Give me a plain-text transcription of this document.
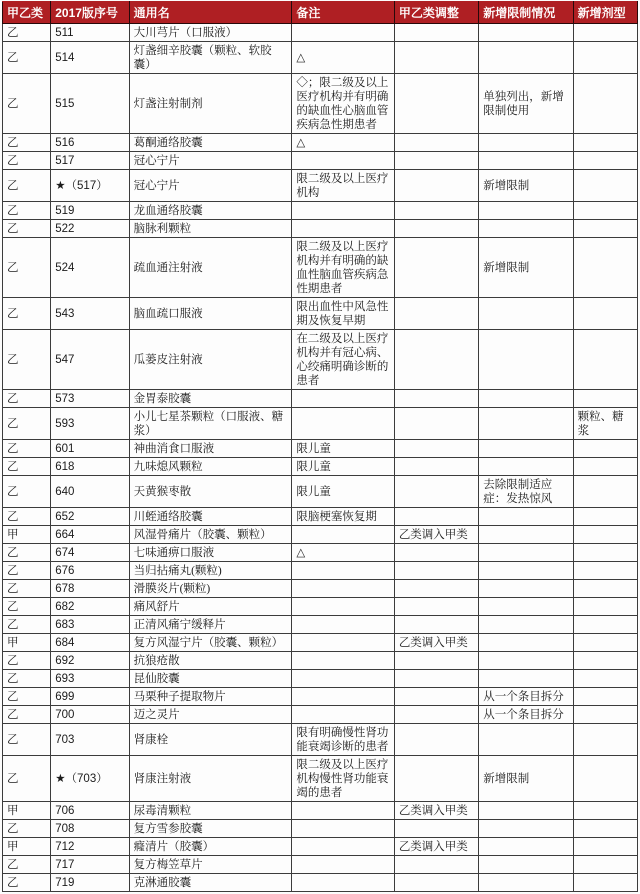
甲乙类	2017版序号	通用名	备注	甲乙类调整	新增限制情况	新增剂型
乙	511	大川芎片（口服液）				
乙	514	灯盏细辛胶囊（颗粒、软胶囊）	△			
乙	515	灯盏注射制剂	◇；限二级及以上医疗机构并有明确的缺血性心脑血管疾病急性期患者		单独列出，新增限制使用	
乙	516	葛酮通络胶囊	△			
乙	517	冠心宁片				
乙	★（517）	冠心宁片	限二级及以上医疗机构		新增限制	
乙	519	龙血通络胶囊				
乙	522	脑脉利颗粒				
乙	524	疏血通注射液	限二级及以上医疗机构并有明确的缺血性脑血管疾病急性期患者		新增限制	
乙	543	脑血疏口服液	限出血性中风急性期及恢复早期			
乙	547	瓜蒌皮注射液	在二级及以上医疗机构并有冠心病、心绞痛明确诊断的患者			
乙	573	金胃泰胶囊				
乙	593	小儿七星茶颗粒（口服液、糖浆）				颗粒、糖浆
乙	601	神曲消食口服液	限儿童			
乙	618	九味熄风颗粒	限儿童			
乙	640	天黄猴枣散	限儿童		去除限制适应症：发热惊风	
乙	652	川蛭通络胶囊	限脑梗塞恢复期			
甲	664	风湿骨痛片（胶囊、颗粒）		乙类调入甲类		
乙	674	七味通痹口服液	△			
乙	676	当归拈痛丸(颗粒)				
乙	678	滑膜炎片(颗粒)				
乙	682	痛风舒片				
乙	683	正清风痛宁缓释片				
甲	684	复方风湿宁片（胶囊、颗粒）		乙类调入甲类		
乙	692	抗狼疮散				
乙	693	昆仙胶囊				
乙	699	马栗种子提取物片			从一个条目拆分	
乙	700	迈之灵片			从一个条目拆分	
乙	703	肾康栓	限有明确慢性肾功能衰竭诊断的患者			
乙	★（703）	肾康注射液	限二级及以上医疗机构慢性肾功能衰竭的患者		新增限制	
甲	706	尿毒清颗粒		乙类调入甲类		
乙	708	复方雪参胶囊				
甲	712	癃清片（胶囊）		乙类调入甲类		
乙	717	复方梅笠草片				
乙	719	克淋通胶囊				
